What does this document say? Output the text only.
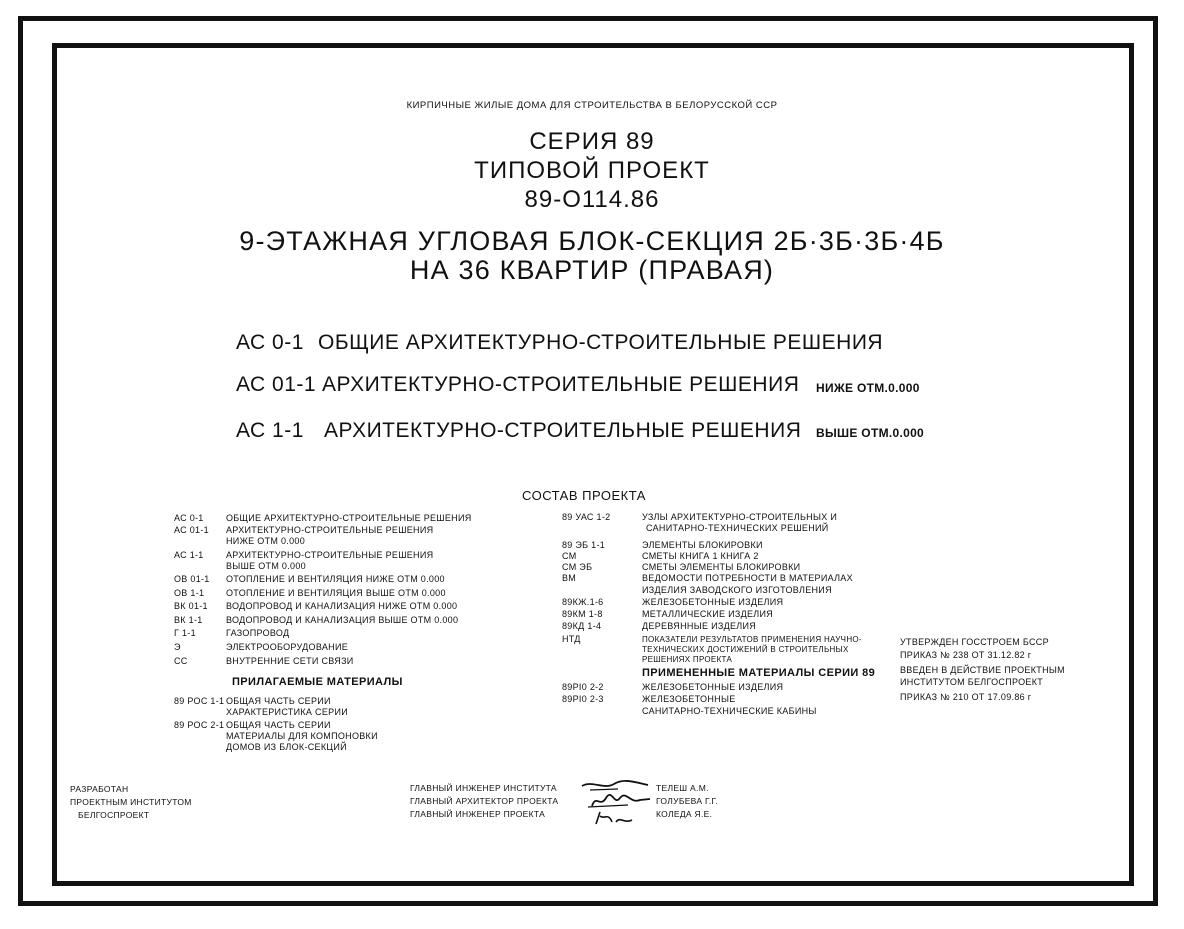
КИРПИЧНЫЕ ЖИЛЫЕ ДОМА ДЛЯ СТРОИТЕЛЬСТВА В БЕЛОРУССКОЙ ССР
СЕРИЯ 89
ТИПОВОЙ ПРОЕКТ
89-О114.86
9-ЭТАЖНАЯ УГЛОВАЯ БЛОК-СЕКЦИЯ 2Б·3Б·3Б·4Б
НА 36 КВАРТИР (ПРАВАЯ)
АС 0-1 ОБЩИЕ АРХИТЕКТУРНО-СТРОИТЕЛЬНЫЕ РЕШЕНИЯ
АС 01-1 АРХИТЕКТУРНО-СТРОИТЕЛЬНЫЕ РЕШЕНИЯ НИЖЕ ОТМ.0.000
АС 1-1 АРХИТЕКТУРНО-СТРОИТЕЛЬНЫЕ РЕШЕНИЯ ВЫШЕ ОТМ.0.000
СОСТАВ ПРОЕКТА
АС 0-1 ОБЩИЕ АРХИТЕКТУРНО-СТРОИТЕЛЬНЫЕ РЕШЕНИЯ
АС 01-1 АРХИТЕКТУРНО-СТРОИТЕЛЬНЫЕ РЕШЕНИЯ
НИЖЕ ОТМ 0.000
АС 1-1 АРХИТЕКТУРНО-СТРОИТЕЛЬНЫЕ РЕШЕНИЯ
ВЫШЕ ОТМ 0.000
ОВ 01-1 ОТОПЛЕНИЕ И ВЕНТИЛЯЦИЯ НИЖЕ ОТМ 0.000
ОВ 1-1 ОТОПЛЕНИЕ И ВЕНТИЛЯЦИЯ ВЫШЕ ОТМ 0.000
ВК 01-1 ВОДОПРОВОД И КАНАЛИЗАЦИЯ НИЖЕ ОТМ 0.000
ВК 1-1	ВОДОПРОВОД И КАНАЛИЗАЦИЯ ВЫШЕ ОТМ 0.000
Г 1-1	ГАЗОПРОВОД
Э	ЭЛЕКТРООБОРУДОВАНИЕ
СС	ВНУТРЕННИЕ СЕТИ СВЯЗИ
ПРИЛАГАЕМЫЕ МАТЕРИАЛЫ
89 РОС 1-1 ОБЩАЯ ЧАСТЬ СЕРИИ
ХАРАКТЕРИСТИКА СЕРИИ
89 РОС 2-1 ОБЩАЯ ЧАСТЬ СЕРИИ
МАТЕРИАЛЫ ДЛЯ КОМПОНОВКИ
ДОМОВ ИЗ БЛОК-СЕКЦИЙ
89 УАС 1-2	УЗЛЫ АРХИТЕКТУРНО-СТРОИТЕЛЬНЫХ И
САНИТАРНО-ТЕХНИЧЕСКИХ РЕШЕНИЙ
89 ЭБ 1-1	ЭЛЕМЕНТЫ БЛОКИРОВКИ
СМ	СМЕТЫ КНИГА 1 КНИГА 2
СМ ЭБ	СМЕТЫ ЭЛЕМЕНТЫ БЛОКИРОВКИ
ВМ	ВЕДОМОСТИ ПОТРЕБНОСТИ В МАТЕРИАЛАХ
ИЗДЕЛИЯ ЗАВОДСКОГО ИЗГОТОВЛЕНИЯ
89КЖ.1-6	ЖЕЛЕЗОБЕТОННЫЕ ИЗДЕЛИЯ
89КМ 1-8	МЕТАЛЛИЧЕСКИЕ ИЗДЕЛИЯ
89КД 1-4	ДЕРЕВЯННЫЕ ИЗДЕЛИЯ
НТД	ПОКАЗАТЕЛИ РЕЗУЛЬТАТОВ ПРИМЕНЕНИЯ НАУЧНО-
ТЕХНИЧЕСКИХ ДОСТИЖЕНИЙ В СТРОИТЕЛЬНЫХ
РЕШЕНИЯХ ПРОЕКТА
ПРИМЕНЕННЫЕ МАТЕРИАЛЫ СЕРИИ 89
89РI0 2-2	ЖЕЛЕЗОБЕТОННЫЕ ИЗДЕЛИЯ
89РI0 2-3	ЖЕЛЕЗОБЕТОННЫЕ
САНИТАРНО-ТЕХНИЧЕСКИЕ КАБИНЫ
УТВЕРЖДЕН ГОССТРОЕМ БССР
ПРИКАЗ № 238 ОТ 31.12.82 г
ВВЕДЕН В ДЕЙСТВИЕ ПРОЕКТНЫМ
ИНСТИТУТОМ БЕЛГОСПРОЕКТ
ПРИКАЗ № 210 ОТ 17.09.86 г
РАЗРАБОТАН
ПРОЕКТНЫМ ИНСТИТУТОМ
БЕЛГОСПРОЕКТ
ГЛАВНЫЙ ИНЖЕНЕР ИНСТИТУТА
ГЛАВНЫЙ АРХИТЕКТОР ПРОЕКТА
ГЛАВНЫЙ ИНЖЕНЕР ПРОЕКТА
ТЕЛЕШ А.М.
ГОЛУБЕВА Г.Г.
КОЛЕДА Я.Е.
